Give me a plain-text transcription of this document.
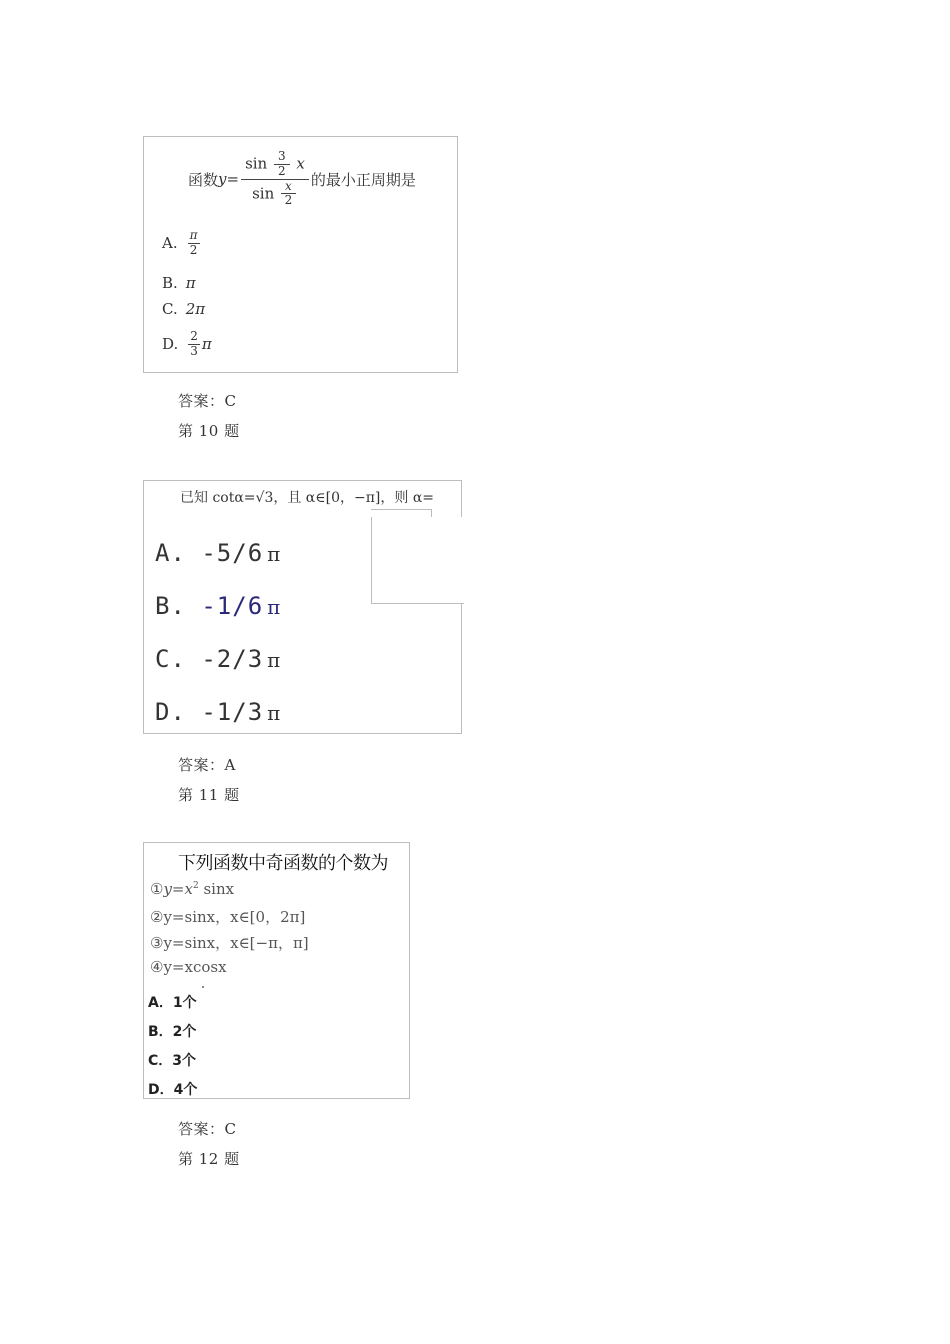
函数 $y= \frac{\sin \frac{3}{2} x}{\sin \frac{x}{2}}$ 的最小正周期是
A. $\frac{\pi}{2}$
B. π
C. 2π
D. $\frac{2}{3}$ π
答案：C
第 10 题
已知 cotα=√3，且 α∈[0，−π]，则 α=
A. -5/6 π
B. -1/6 π
C. -2/3 π
D. -1/3 π
答案：A
第 11 题
下列函数中奇函数的个数为
$①y=x^2$ sinx
②y=sinx，x∈[0，2π]
③y=sinx，x∈[−π，π]
④y=xcosx
A．1个
B．2个
C．3个
D．4个
答案：C
第 12 题
